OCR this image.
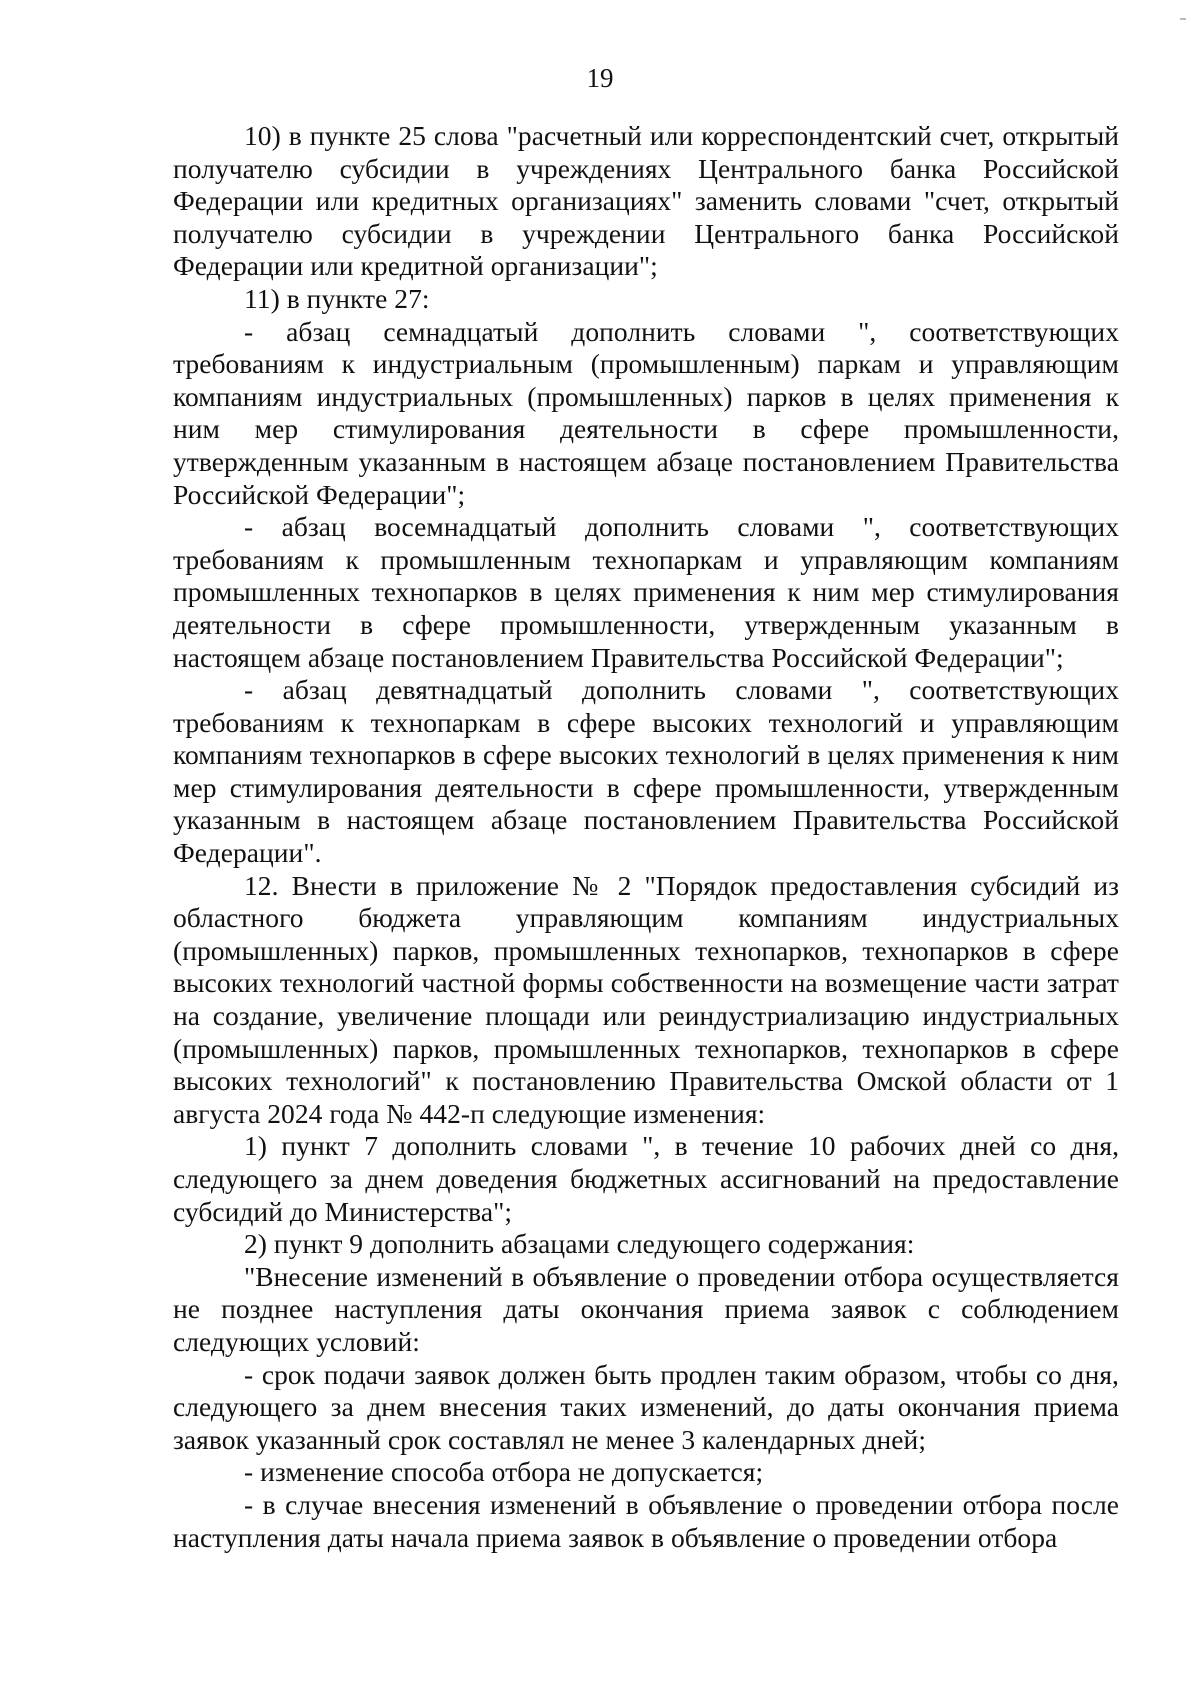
19

10) в пункте 25 слова "расчетный или корреспондентский счет, открытый получателю субсидии в учреждениях Центрального банка Российской Федерации или кредитных организациях" заменить словами "счет, открытый получателю субсидии в учреждении Центрального банка Российской Федерации или кредитной организации";

11) в пункте 27:

- абзац семнадцатый дополнить словами ", соответствующих требованиям к индустриальным (промышленным) паркам и управляющим компаниям индустриальных (промышленных) парков в целях применения к ним мер стимулирования деятельности в сфере промышленности, утвержденным указанным в настоящем абзаце постановлением Правительства Российской Федерации";

- абзац восемнадцатый дополнить словами ", соответствующих требованиям к промышленным технопаркам и управляющим компаниям промышленных технопарков в целях применения к ним мер стимулирования деятельности в сфере промышленности, утвержденным указанным в настоящем абзаце постановлением Правительства Российской Федерации";

- абзац девятнадцатый дополнить словами ", соответствующих требованиям к технопаркам в сфере высоких технологий и управляющим компаниям технопарков в сфере высоких технологий в целях применения к ним мер стимулирования деятельности в сфере промышленности, утвержденным указанным в настоящем абзаце постановлением Правительства Российской Федерации".

12. Внести в приложение № 2 "Порядок предоставления субсидий из областного бюджета управляющим компаниям индустриальных (промышленных) парков, промышленных технопарков, технопарков в сфере высоких технологий частной формы собственности на возмещение части затрат на создание, увеличение площади или реиндустриализацию индустриальных (промышленных) парков, промышленных технопарков, технопарков в сфере высоких технологий" к постановлению Правительства Омской области от 1 августа 2024 года № 442-п следующие изменения:

1) пункт 7 дополнить словами ", в течение 10 рабочих дней со дня, следующего за днем доведения бюджетных ассигнований на предоставление субсидий до Министерства";

2) пункт 9 дополнить абзацами следующего содержания:

"Внесение изменений в объявление о проведении отбора осуществляется не позднее наступления даты окончания приема заявок с соблюдением следующих условий:

- срок подачи заявок должен быть продлен таким образом, чтобы со дня, следующего за днем внесения таких изменений, до даты окончания приема заявок указанный срок составлял не менее 3 календарных дней;

- изменение способа отбора не допускается;

- в случае внесения изменений в объявление о проведении отбора после наступления даты начала приема заявок в объявление о проведении отбора
